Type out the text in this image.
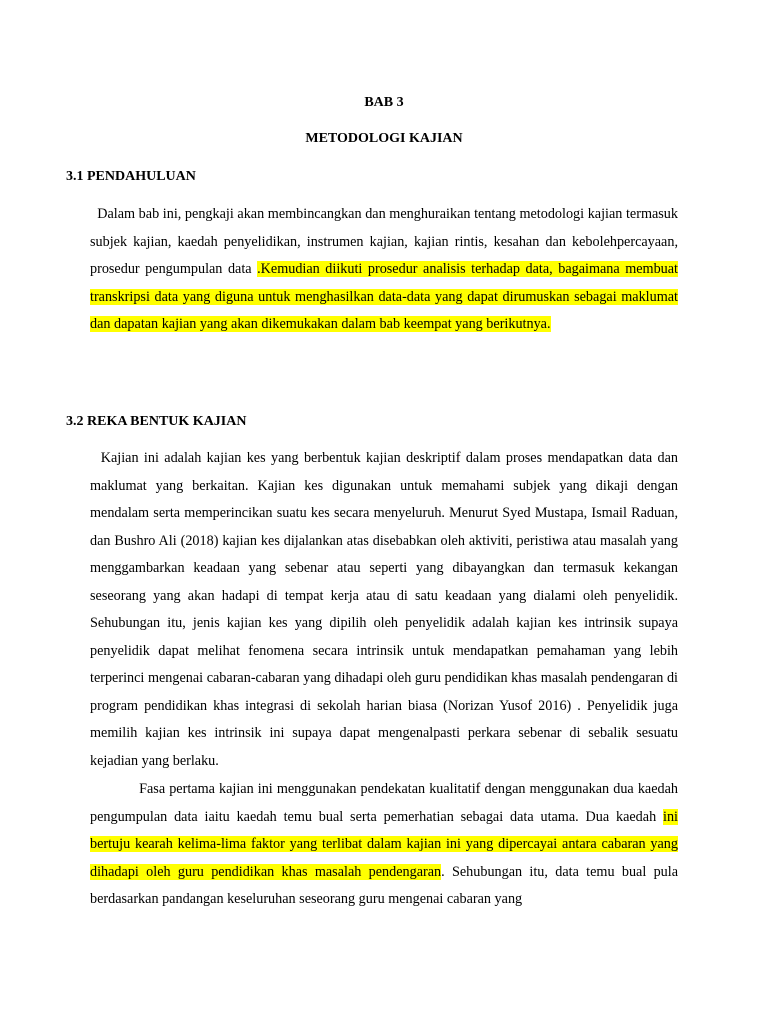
BAB 3
METODOLOGI KAJIAN
3.1 PENDAHULUAN

Dalam bab ini, pengkaji akan membincangkan dan menghuraikan tentang metodologi kajian termasuk subjek kajian, kaedah penyelidikan, instrumen kajian, kajian rintis, kesahan dan kebolehpercayaan, prosedur pengumpulan data .Kemudian diikuti prosedur analisis terhadap data, bagaimana membuat transkripsi data yang diguna untuk menghasilkan data-data yang dapat dirumuskan sebagai maklumat dan dapatan kajian yang akan dikemukakan dalam bab keempat yang berikutnya.

3.2 REKA BENTUK KAJIAN

Kajian ini adalah kajian kes yang berbentuk kajian deskriptif dalam proses mendapatkan data dan maklumat yang berkaitan. Kajian kes digunakan untuk memahami subjek yang dikaji dengan mendalam serta memperincikan suatu kes secara menyeluruh. Menurut Syed Mustapa, Ismail Raduan, dan Bushro Ali (2018) kajian kes dijalankan atas disebabkan oleh aktiviti, peristiwa atau masalah yang menggambarkan keadaan yang sebenar atau seperti yang dibayangkan dan termasuk kekangan seseorang yang akan hadapi di tempat kerja atau di satu keadaan yang dialami oleh penyelidik. Sehubungan itu, jenis kajian kes yang dipilih oleh penyelidik adalah kajian kes intrinsik supaya penyelidik dapat melihat fenomena secara intrinsik untuk mendapatkan pemahaman yang lebih terperinci mengenai cabaran-cabaran yang dihadapi oleh guru pendidikan khas masalah pendengaran di program pendidikan khas integrasi di sekolah harian biasa (Norizan Yusof 2016) . Penyelidik juga memilih kajian kes intrinsik ini supaya dapat mengenalpasti perkara sebenar di sebalik sesuatu kejadian yang berlaku.

Fasa pertama kajian ini menggunakan pendekatan kualitatif dengan menggunakan dua kaedah pengumpulan data iaitu kaedah temu bual serta pemerhatian sebagai data utama. Dua kaedah ini bertuju kearah kelima-lima faktor yang terlibat dalam kajian ini yang dipercayai antara cabaran yang dihadapi oleh guru pendidikan khas masalah pendengaran. Sehubungan itu, data temu bual pula berdasarkan pandangan keseluruhan seseorang guru mengenai cabaran yang
